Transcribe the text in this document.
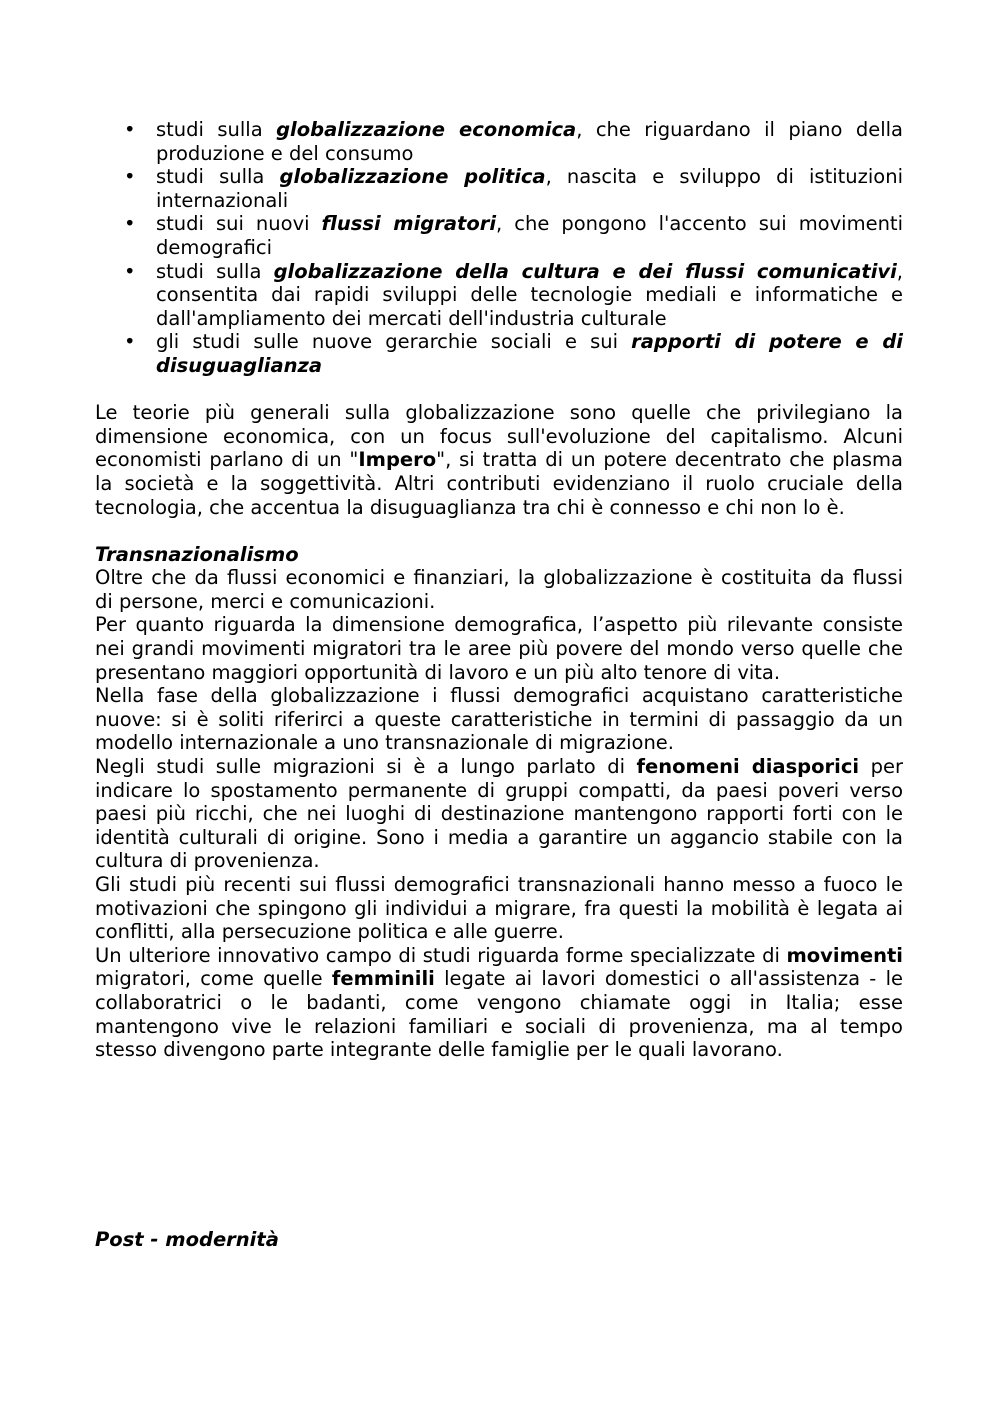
• studi sulla globalizzazione economica, che riguardano il piano della produzione e del consumo
• studi sulla globalizzazione politica, nascita e sviluppo di istituzioni internazionali
• studi sui nuovi flussi migratori, che pongono l'accento sui movimenti demografici
• studi sulla globalizzazione della cultura e dei flussi comunicativi, consentita dai rapidi sviluppi delle tecnologie mediali e informatiche e dall'ampliamento dei mercati dell'industria culturale
• gli studi sulle nuove gerarchie sociali e sui rapporti di potere e di disuguaglianza

Le teorie più generali sulla globalizzazione sono quelle che privilegiano la dimensione economica, con un focus sull'evoluzione del capitalismo. Alcuni economisti parlano di un "Impero", si tratta di un potere decentrato che plasma la società e la soggettività. Altri contributi evidenziano il ruolo cruciale della tecnologia, che accentua la disuguaglianza tra chi è connesso e chi non lo è.

Transnazionalismo

Oltre che da flussi economici e finanziari, la globalizzazione è costituita da flussi di persone, merci e comunicazioni.

Per quanto riguarda la dimensione demografica, l’aspetto più rilevante consiste nei grandi movimenti migratori tra le aree più povere del mondo verso quelle che presentano maggiori opportunità di lavoro e un più alto tenore di vita.

Nella fase della globalizzazione i flussi demografici acquistano caratteristiche nuove: si è soliti riferirci a queste caratteristiche in termini di passaggio da un modello internazionale a uno transnazionale di migrazione.

Negli studi sulle migrazioni si è a lungo parlato di fenomeni diasporici per indicare lo spostamento permanente di gruppi compatti, da paesi poveri verso paesi più ricchi, che nei luoghi di destinazione mantengono rapporti forti con le identità culturali di origine. Sono i media a garantire un aggancio stabile con la cultura di provenienza.

Gli studi più recenti sui flussi demografici transnazionali hanno messo a fuoco le motivazioni che spingono gli individui a migrare, fra questi la mobilità è legata ai conflitti, alla persecuzione politica e alle guerre.

Un ulteriore innovativo campo di studi riguarda forme specializzate di movimenti migratori, come quelle femminili legate ai lavori domestici o all'assistenza - le collaboratrici o le badanti, come vengono chiamate oggi in Italia; esse mantengono vive le relazioni familiari e sociali di provenienza, ma al tempo stesso divengono parte integrante delle famiglie per le quali lavorano.

Post - modernità
